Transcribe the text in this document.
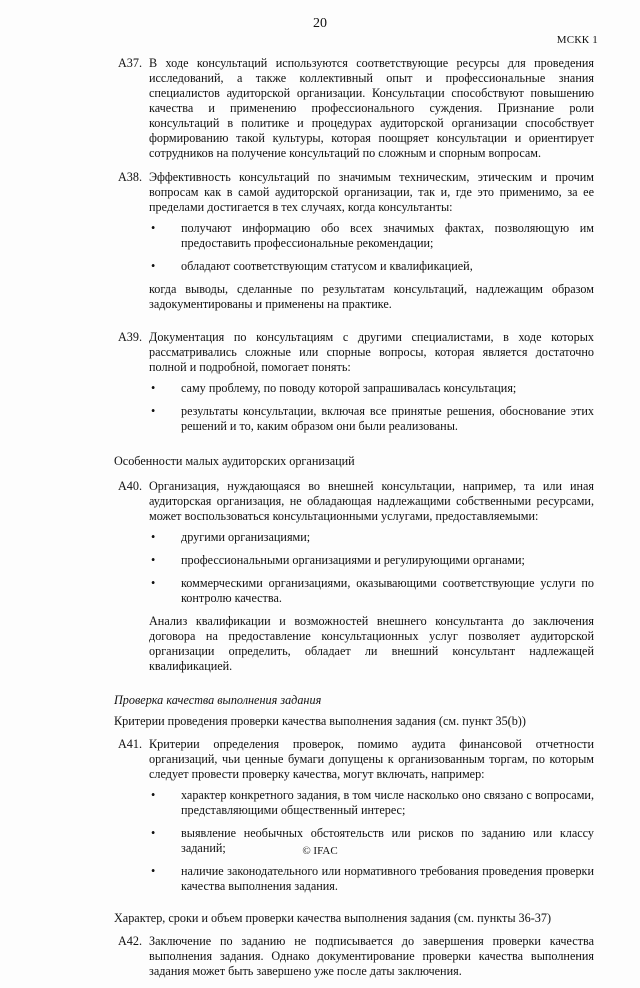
20
МСКК 1
A37. В ходе консультаций используются соответствующие ресурсы для проведения исследований, а также коллективный опыт и профессиональные знания специалистов аудиторской организации. Консультации способствуют повышению качества и применению профессионального суждения. Признание роли консультаций в политике и процедурах аудиторской организации способствует формированию такой культуры, которая поощряет консультации и ориентирует сотрудников на получение консультаций по сложным и спорным вопросам.
A38. Эффективность консультаций по значимым техническим, этическим и прочим вопросам как в самой аудиторской организации, так и, где это применимо, за ее пределами достигается в тех случаях, когда консультанты:
•	получают информацию обо всех значимых фактах, позволяющую им предоставить профессиональные рекомендации;
•	обладают соответствующим статусом и квалификацией,
когда выводы, сделанные по результатам консультаций, надлежащим образом задокументированы и применены на практике.
A39. Документация по консультациям с другими специалистами, в ходе которых рассматривались сложные или спорные вопросы, которая является достаточно полной и подробной, помогает понять:
•	саму проблему, по поводу которой запрашивалась консультация;
•	результаты консультации, включая все принятые решения, обоснование этих решений и то, каким образом они были реализованы.
Особенности малых аудиторских организаций
A40. Организация, нуждающаяся во внешней консультации, например, та или иная аудиторская организация, не обладающая надлежащими собственными ресурсами, может воспользоваться консультационными услугами, предоставляемыми:
•	другими организациями;
•	профессиональными организациями и регулирующими органами;
•	коммерческими организациями, оказывающими соответствующие услуги по контролю качества.
Анализ квалификации и возможностей внешнего консультанта до заключения договора на предоставление консультационных услуг позволяет аудиторской организации определить, обладает ли внешний консультант надлежащей квалификацией.
Проверка качества выполнения задания
Критерии проведения проверки качества выполнения задания (см. пункт 35(b))
A41. Критерии определения проверок, помимо аудита финансовой отчетности организаций, чьи ценные бумаги допущены к организованным торгам, по которым следует провести проверку качества, могут включать, например:
•	характер конкретного задания, в том числе насколько оно связано с вопросами, представляющими общественный интерес;
•	выявление необычных обстоятельств или рисков по заданию или классу заданий;
•	наличие законодательного или нормативного требования проведения проверки качества выполнения задания.
Характер, сроки и объем проверки качества выполнения задания (см. пункты 36-37)
A42. Заключение по заданию не подписывается до завершения проверки качества выполнения задания. Однако документирование проверки качества выполнения задания может быть завершено уже после даты заключения.
© IFAC
